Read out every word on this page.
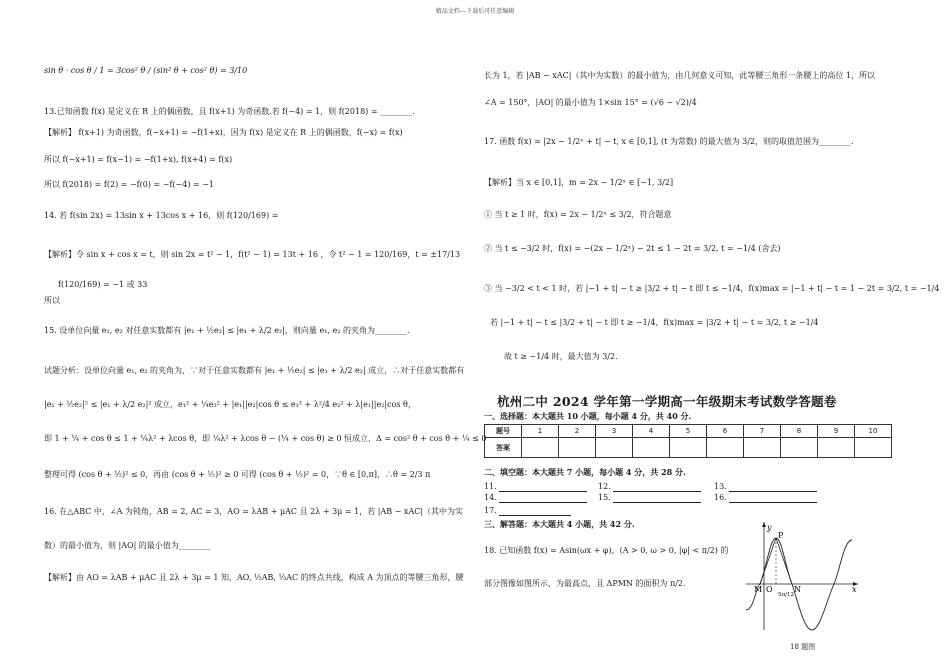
精品文档---下载后可任意编辑
sin θ · cos θ / 1 = 3cos² θ / (sin² θ + cos² θ) = 3/10
13.已知函数 f(x) 是定义在 R 上的偶函数，且 f(x+1) 为奇函数.若 f(−4) = 1，则 f(2018) = ________.
【解析】 f(x+1) 为奇函数，f(−x+1) = −f(1+x)，因为 f(x) 是定义在 R 上的偶函数，f(−x) = f(x)
所以 f(−x+1) = f(x−1) = −f(1+x), f(x+4) = f(x)
所以 f(2018) = f(2) = −f(0) = −f(−4) = −1
14. 若 f(sin 2x) = 13sin x + 13cos x + 16，则 f(120/169) =
【解析】令 sin x + cos x = t，则 sin 2x = t² − 1，f(t² − 1) = 13t + 16 ，令 t² − 1 = 120/169，t = ±17/13
f(120/169) = −1 或 33
所以
15. 设单位向量 e₁, e₂ 对任意实数都有 |e₁ + ½e₂| ≤ |e₁ + λ/2 e₂|，则向量 e₁, e₂ 的夹角为________.
试题分析：设单位向量 e₁, e₂ 的夹角为，∵对于任意实数都有 |e₁ + ½e₂| ≤ |e₁ + λ/2 e₂| 成立，∴对于任意实数都有
|e₁ + ½e₂|² ≤ |e₁ + λ/2 e₂|² 成立，e₁² + ¼e₂² + |e₁||e₂|cos θ ≤ e₁² + λ²/4 e₂² + λ|e₁||e₂|cos θ，
即 1 + ¼ + cos θ ≤ 1 + ¼λ² + λcos θ，即 ¼λ² + λcos θ − (¼ + cos θ) ≥ 0 恒成立，Δ = cos² θ + cos θ + ¼ ≤ 0
整理可得 (cos θ + ½)² ≤ 0，再由 (cos θ + ½)² ≥ 0 可得 (cos θ + ½)² = 0，∵θ ∈ [0,π]，∴θ = 2/3 π
16. 在△ABC 中，∠A 为钝角，AB = 2, AC = 3，AO = λAB + μAC 且 2λ + 3μ = 1，若 |AB − xAC|（其中为实
数）的最小值为，则 |AO| 的最小值为________
【解析】由 AO = λAB + μAC 且 2λ + 3μ = 1 知，AO, ½AB, ⅓AC 的终点共线，构成 A 为顶点的等腰三角形，腰
长为 1，若 |AB − xAC|（其中为实数）的最小值为，由几何意义可知，此等腰三角形一条腰上的高位 1，所以
∠A = 150°，|AO| 的最小值为 1×sin 15° = (√6 − √2)/4
17. 函数 f(x) = |2x − 1/2ˣ + t| − t, x ∈ [0,1], (t 为常数) 的最大值为 3/2，则的取值范围为________.
【解析】当 x ∈ [0,1]，m = 2x − 1/2ˣ ∈ [−1, 3/2]
① 当 t ≥ 1 时，f(x) = 2x − 1/2ˣ ≤ 3/2，符合题意
② 当 t ≤ −3/2 时，f(x) = −(2x − 1/2ˣ) − 2t ≤ 1 − 2t = 3/2, t = −1/4 (舍去)
③ 当 −3/2 < t < 1 时，若 |−1 + t| − t ≥ |3/2 + t| − t 即 t ≤ −1/4，f(x)max = |−1 + t| − t = 1 − 2t = 3/2, t = −1/4
若 |−1 + t| − t ≤ |3/2 + t| − t 即 t ≥ −1/4，f(x)max = |3/2 + t| − t = 3/2, t ≥ −1/4
故 t ≥ −1/4 时，最大值为 3/2.
杭州二中 2024 学年第一学期高一年级期末考试数学答题卷
一、选择题：本大题共 10 小题，每小题 4 分，共 40 分.
题号	1	2	3	4	5	6	7	8	9	10
答案										
二、填空题：本大题共 7 小题，每小题 4 分，共 28 分.
11.	12.	13.
14.	15.	16.
17.
三、解答题：本大题共 4 小题，共 42 分.
18. 已知函数 f(x) = Asin(ωx + φ)，(A > 0, ω > 0, |φ| < π/2) 的
部分图像如图所示，为最高点，且 ΔPMN 的面积为 π/2.
y
P
M O	N	x
5π/12
18 题图
